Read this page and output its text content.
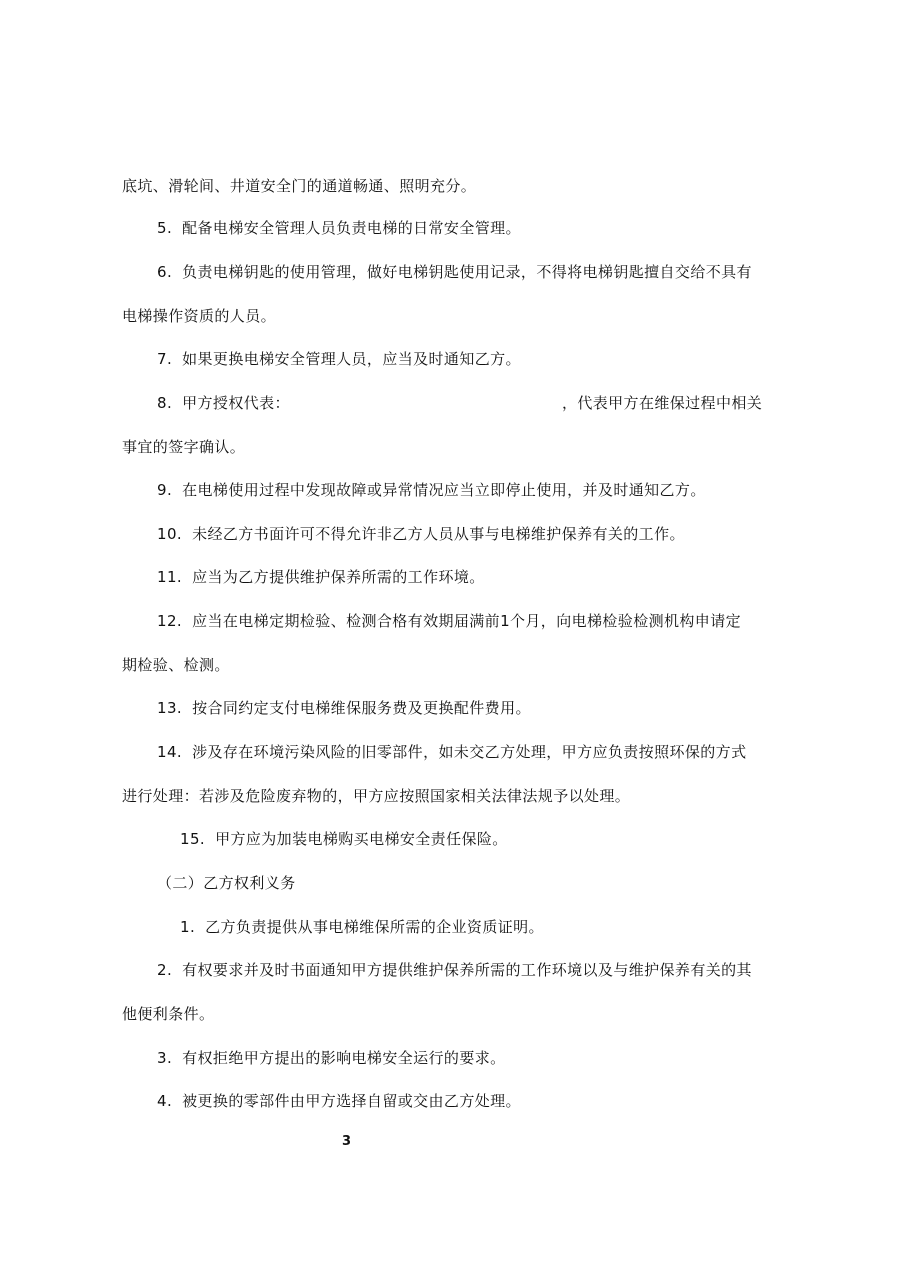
底坑、滑轮间、井道安全门的通道畅通、照明充分。
5. 配备电梯安全管理人员负责电梯的日常安全管理。
6. 负责电梯钥匙的使用管理，做好电梯钥匙使用记录，不得将电梯钥匙擅自交给不具有
电梯操作资质的人员。
7. 如果更换电梯安全管理人员，应当及时通知乙方。
8. 甲方授权代表：	，代表甲方在维保过程中相关
事宜的签字确认。
9. 在电梯使用过程中发现故障或异常情况应当立即停止使用，并及时通知乙方。
10. 未经乙方书面许可不得允许非乙方人员从事与电梯维护保养有关的工作。
11. 应当为乙方提供维护保养所需的工作环境。
12. 应当在电梯定期检验、检测合格有效期届满前1个月，向电梯检验检测机构申请定
期检验、检测。
13. 按合同约定支付电梯维保服务费及更换配件费用。
14. 涉及存在环境污染风险的旧零部件，如未交乙方处理，甲方应负责按照环保的方式
进行处理：若涉及危险废弃物的，甲方应按照国家相关法律法规予以处理。
15. 甲方应为加装电梯购买电梯安全责任保险。
（二）乙方权利义务
1. 乙方负责提供从事电梯维保所需的企业资质证明。
2. 有权要求并及时书面通知甲方提供维护保养所需的工作环境以及与维护保养有关的其
他便利条件。
3. 有权拒绝甲方提出的影响电梯安全运行的要求。
4. 被更换的零部件由甲方选择自留或交由乙方处理。
3
